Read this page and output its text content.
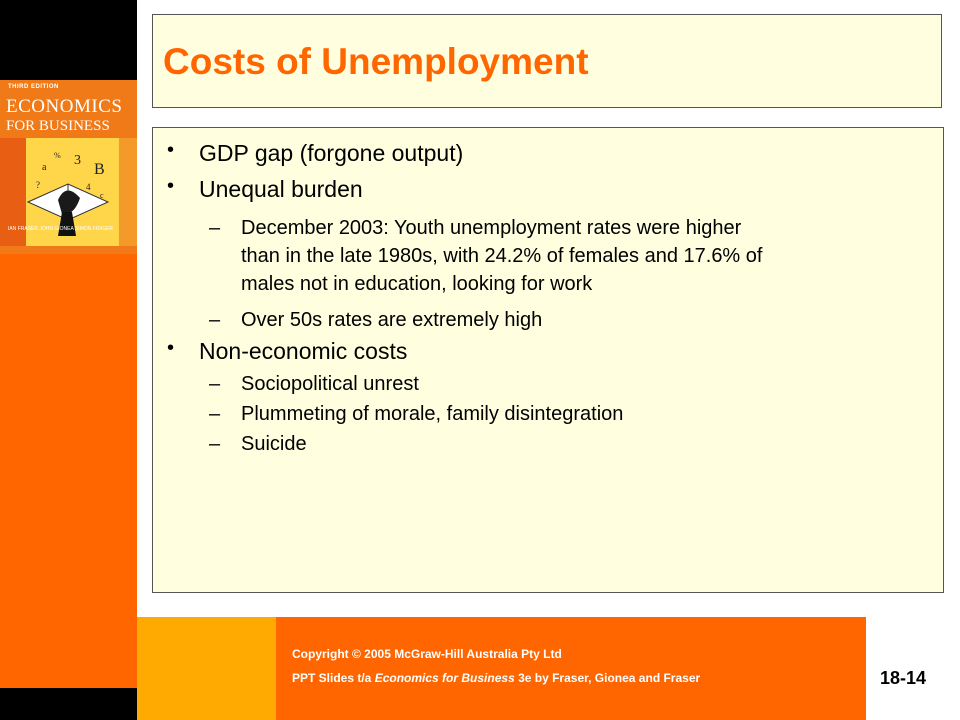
THIRD EDITION
ECONOMICS
FOR BUSINESS
3
B
a
%
4
?
c
IAN FRASER JOHN GIONEA SIMON FRASER
Costs of Unemployment
• GDP gap (forgone output)
• Unequal burden
– December 2003: Youth unemployment rates were higher
than in the late 1980s, with 24.2% of females and 17.6% of
males not in education, looking for work
– Over 50s rates are extremely high
• Non-economic costs
– Sociopolitical unrest
– Plummeting of morale, family disintegration
– Suicide
Copyright © 2005 McGraw-Hill Australia Pty Ltd
PPT Slides t/a Economics for Business 3e by Fraser, Gionea and Fraser	18-14
